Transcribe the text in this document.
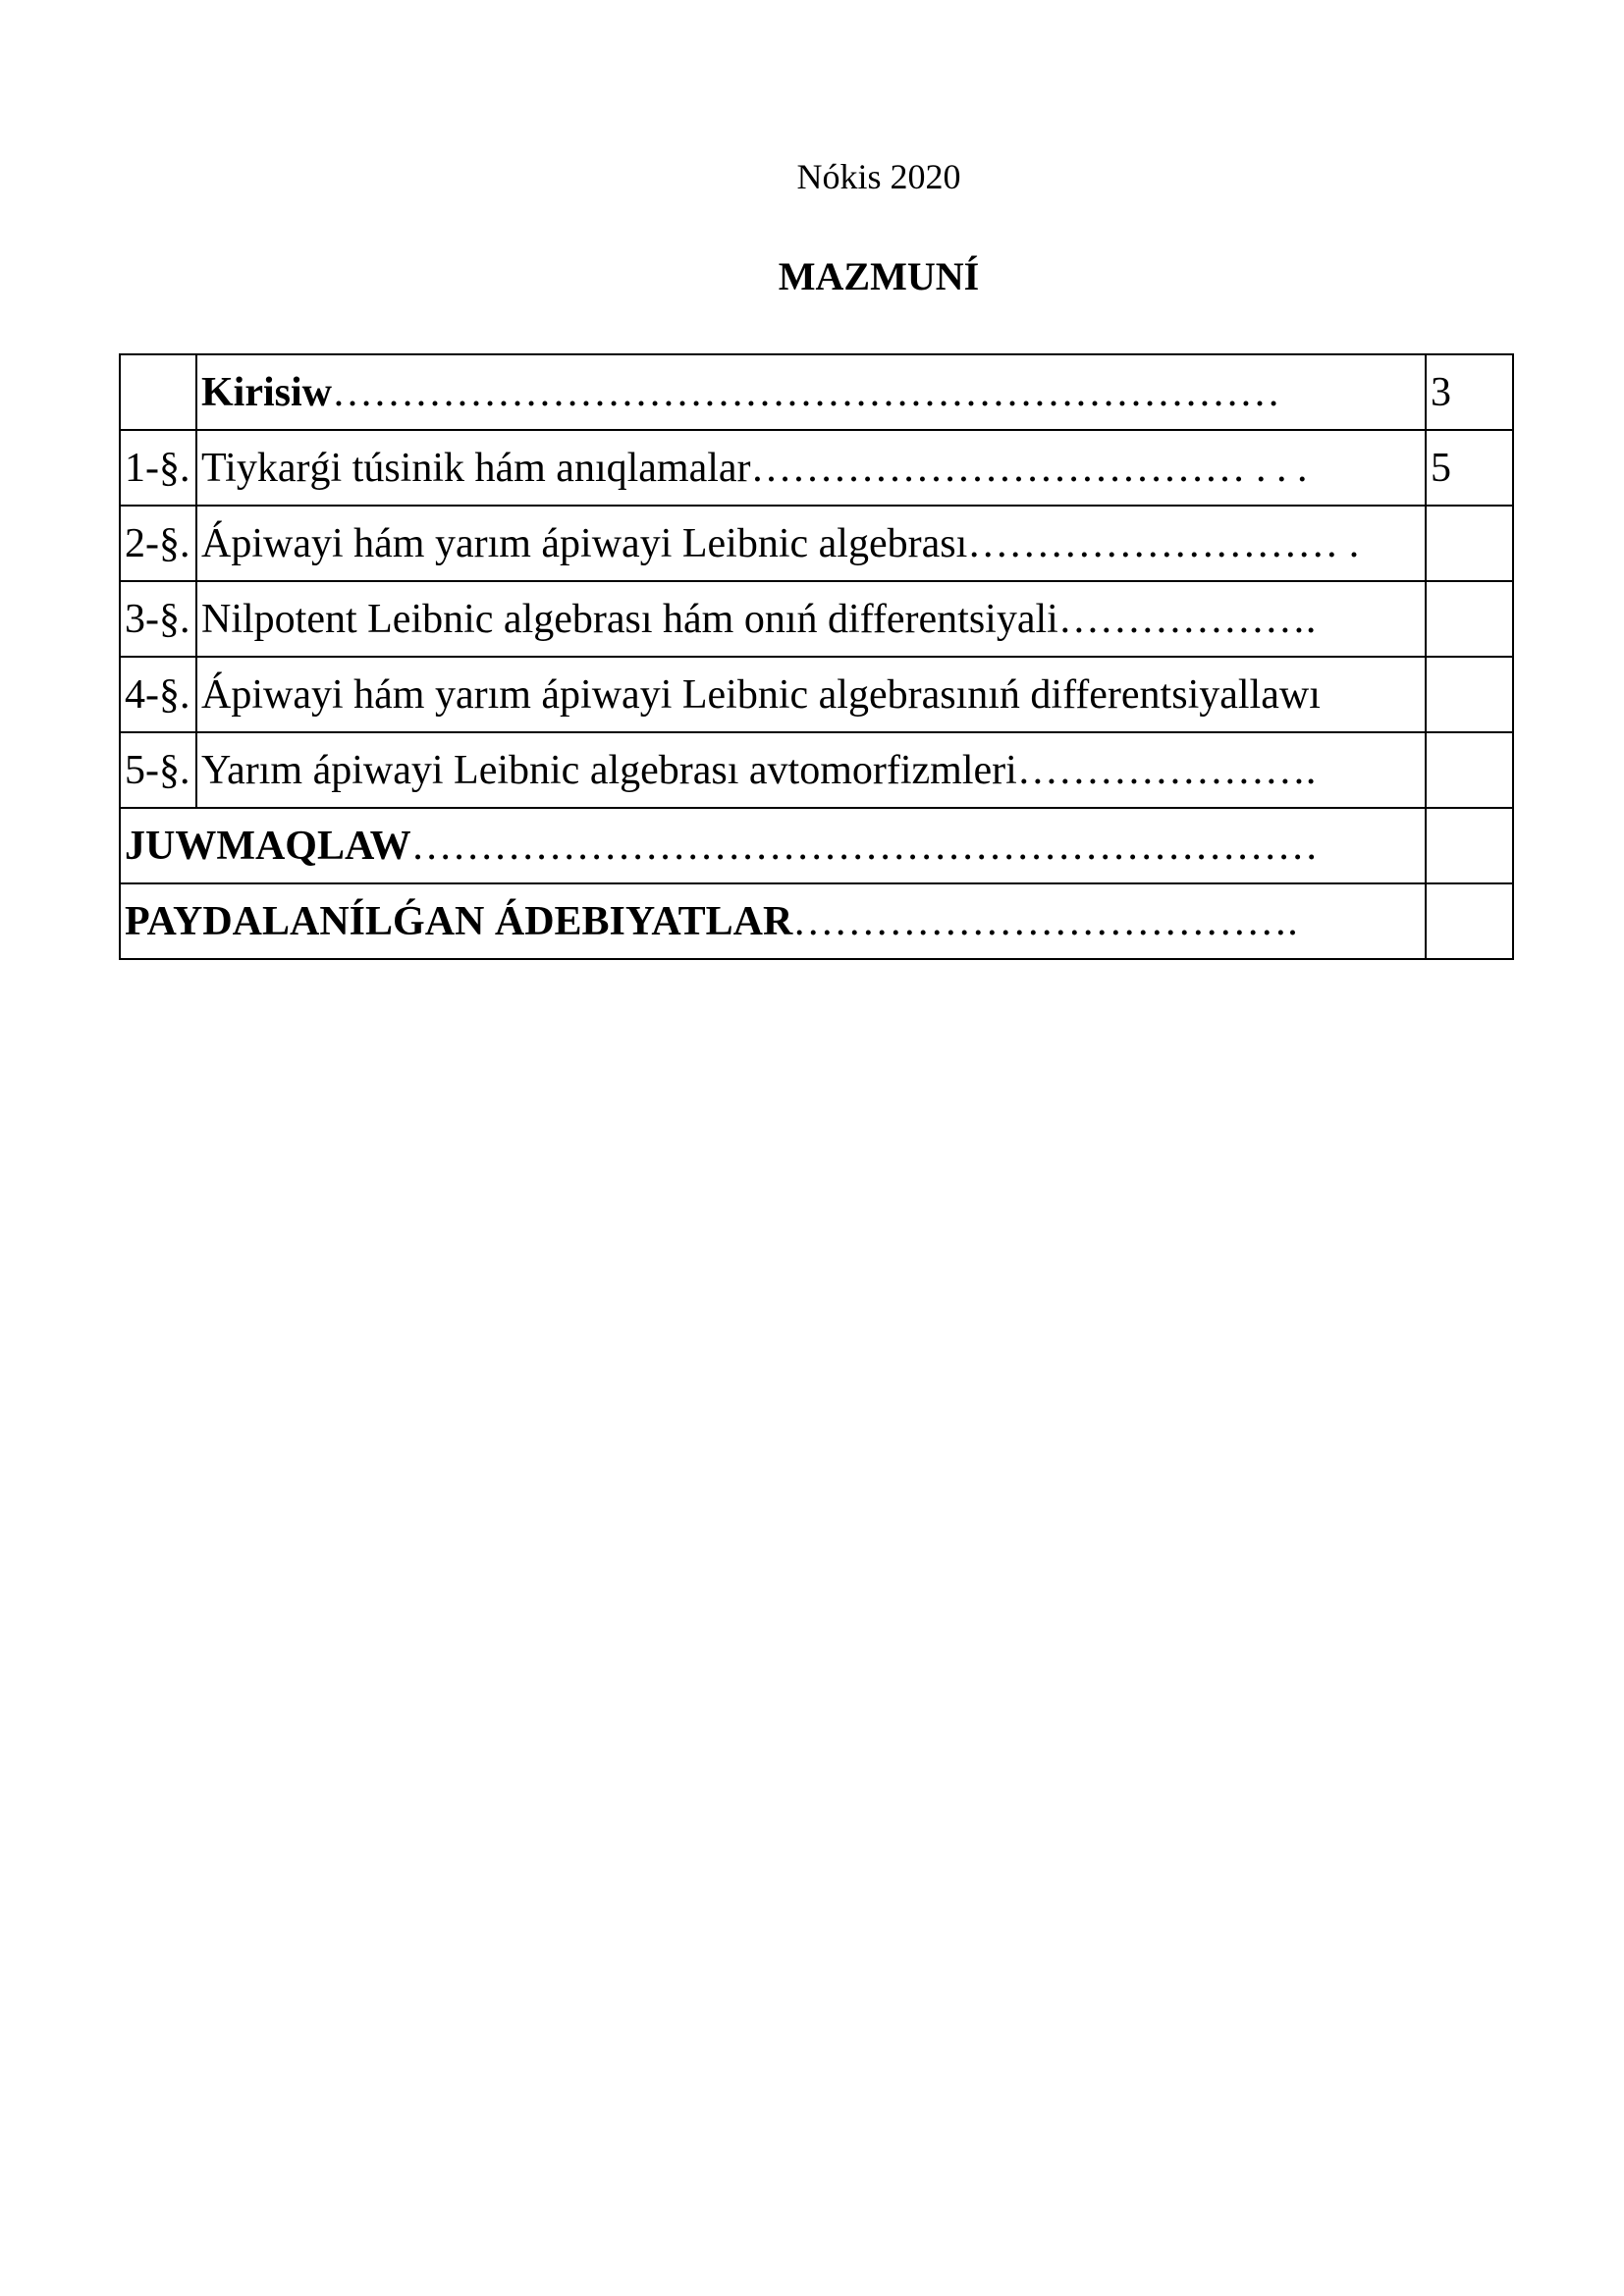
Nókis 2020
MAZMUNÍ
	Kirisiw……………………………………………………………	3
1-§.	Tiykarǵi túsinik hám anıqlamalar……………………………… . . .	5
2-§.	Ápiwayi hám yarım ápiwayi Leibnic algebrası……………………… .	
3-§.	Nilpotent Leibnic algebrası hám onıń differentsiyali……………….	
4-§.	Ápiwayi hám yarım ápiwayi Leibnic algebrasınıń differentsiyallawı	
5-§.	Yarım ápiwayi Leibnic algebrası avtomorfizmleri………………….	
JUWMAQLAW…………………………………………………………		
PAYDALANÍLǴAN ÁDEBIYATLAR……………………………….		
